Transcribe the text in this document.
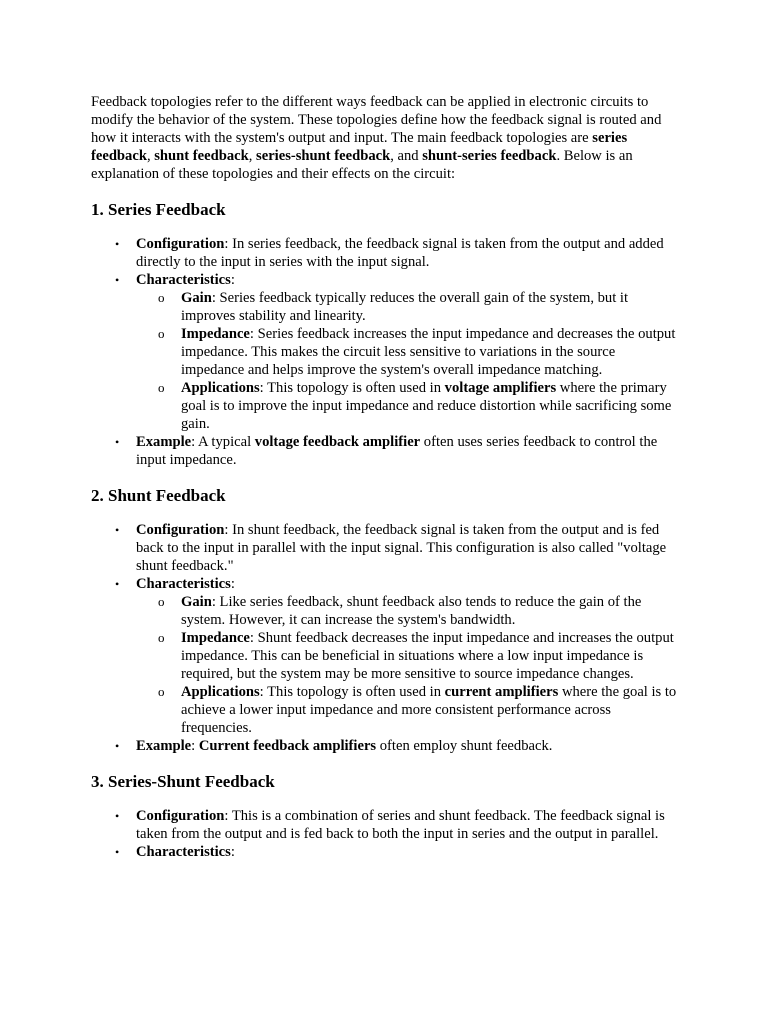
Feedback topologies refer to the different ways feedback can be applied in electronic circuits to modify the behavior of the system. These topologies define how the feedback signal is routed and how it interacts with the system's output and input. The main feedback topologies are series feedback, shunt feedback, series-shunt feedback, and shunt-series feedback. Below is an explanation of these topologies and their effects on the circuit:

1. Series Feedback
• Configuration: In series feedback, the feedback signal is taken from the output and added directly to the input in series with the input signal.
• Characteristics:
o Gain: Series feedback typically reduces the overall gain of the system, but it improves stability and linearity.
o Impedance: Series feedback increases the input impedance and decreases the output impedance. This makes the circuit less sensitive to variations in the source impedance and helps improve the system's overall impedance matching.
o Applications: This topology is often used in voltage amplifiers where the primary goal is to improve the input impedance and reduce distortion while sacrificing some gain.
• Example: A typical voltage feedback amplifier often uses series feedback to control the input impedance.
2. Shunt Feedback
• Configuration: In shunt feedback, the feedback signal is taken from the output and is fed back to the input in parallel with the input signal. This configuration is also called "voltage shunt feedback."
• Characteristics:
o Gain: Like series feedback, shunt feedback also tends to reduce the gain of the system. However, it can increase the system's bandwidth.
o Impedance: Shunt feedback decreases the input impedance and increases the output impedance. This can be beneficial in situations where a low input impedance is required, but the system may be more sensitive to source impedance changes.
o Applications: This topology is often used in current amplifiers where the goal is to achieve a lower input impedance and more consistent performance across frequencies.
• Example: Current feedback amplifiers often employ shunt feedback.
3. Series-Shunt Feedback
• Configuration: This is a combination of series and shunt feedback. The feedback signal is taken from the output and is fed back to both the input in series and the output in parallel.
• Characteristics:
